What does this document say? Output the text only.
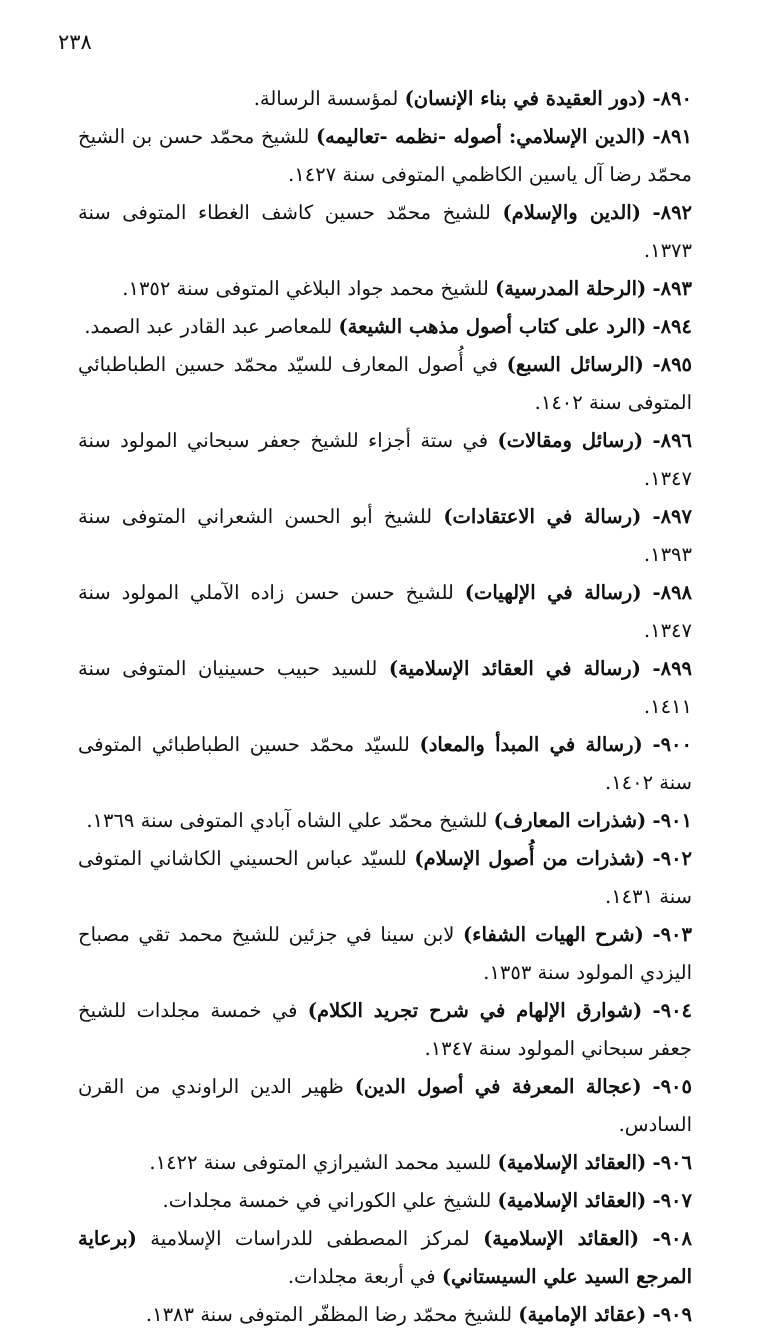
٢٣٨

٨٩٠- (دور العقيدة في بناء الإنسان) لمؤسسة الرسالة.

٨٩١- (الدين الإسلامي: أصوله -نظمه -تعاليمه) للشيخ محمّد حسن بن الشيخ محمّد رضا آل ياسين الكاظمي المتوفى سنة ١٤٢٧.

٨٩٢- (الدين والإسلام) للشيخ محمّد حسين كاشف الغطاء المتوفى سنة ١٣٧٣.

٨٩٣- (الرحلة المدرسية) للشيخ محمد جواد البلاغي المتوفى سنة ١٣٥٢.

٨٩٤- (الرد على كتاب أصول مذهب الشيعة) للمعاصر عبد القادر عبد الصمد.

٨٩٥- (الرسائل السبع) في أُصول المعارف للسيّد محمّد حسين الطباطبائي المتوفى سنة ١٤٠٢.

٨٩٦- (رسائل ومقالات) في ستة أجزاء للشيخ جعفر سبحاني المولود سنة ١٣٤٧.

٨٩٧- (رسالة في الاعتقادات) للشيخ أبو الحسن الشعراني المتوفى سنة ١٣٩٣.

٨٩٨- (رسالة في الإلهيات) للشيخ حسن حسن زاده الآملي المولود سنة ١٣٤٧.

٨٩٩- (رسالة في العقائد الإسلامية) للسيد حبيب حسينيان المتوفى سنة ١٤١١.

٩٠٠- (رسالة في المبدأ والمعاد) للسيّد محمّد حسين الطباطبائي المتوفى سنة ١٤٠٢.

٩٠١- (شذرات المعارف) للشيخ محمّد علي الشاه آبادي المتوفى سنة ١٣٦٩.

٩٠٢- (شذرات من أُصول الإسلام) للسيّد عباس الحسيني الكاشاني المتوفى سنة ١٤٣١.

٩٠٣- (شرح الهيات الشفاء) لابن سينا في جزئين للشيخ محمد تقي مصباح اليزدي المولود سنة ١٣٥٣.

٩٠٤- (شوارق الإلهام في شرح تجريد الكلام) في خمسة مجلدات للشيخ جعفر سبحاني المولود سنة ١٣٤٧.

٩٠٥- (عجالة المعرفة في أصول الدين) ظهير الدين الراوندي من القرن السادس.

٩٠٦- (العقائد الإسلامية) للسيد محمد الشيرازي المتوفى سنة ١٤٢٢.

٩٠٧- (العقائد الإسلامية) للشيخ علي الكوراني في خمسة مجلدات.

٩٠٨- (العقائد الإسلامية) لمركز المصطفى للدراسات الإسلامية (برعاية المرجع السيد علي السيستاني) في أربعة مجلدات.

٩٠٩- (عقائد الإمامية) للشيخ محمّد رضا المظفّر المتوفى سنة ١٣٨٣.
